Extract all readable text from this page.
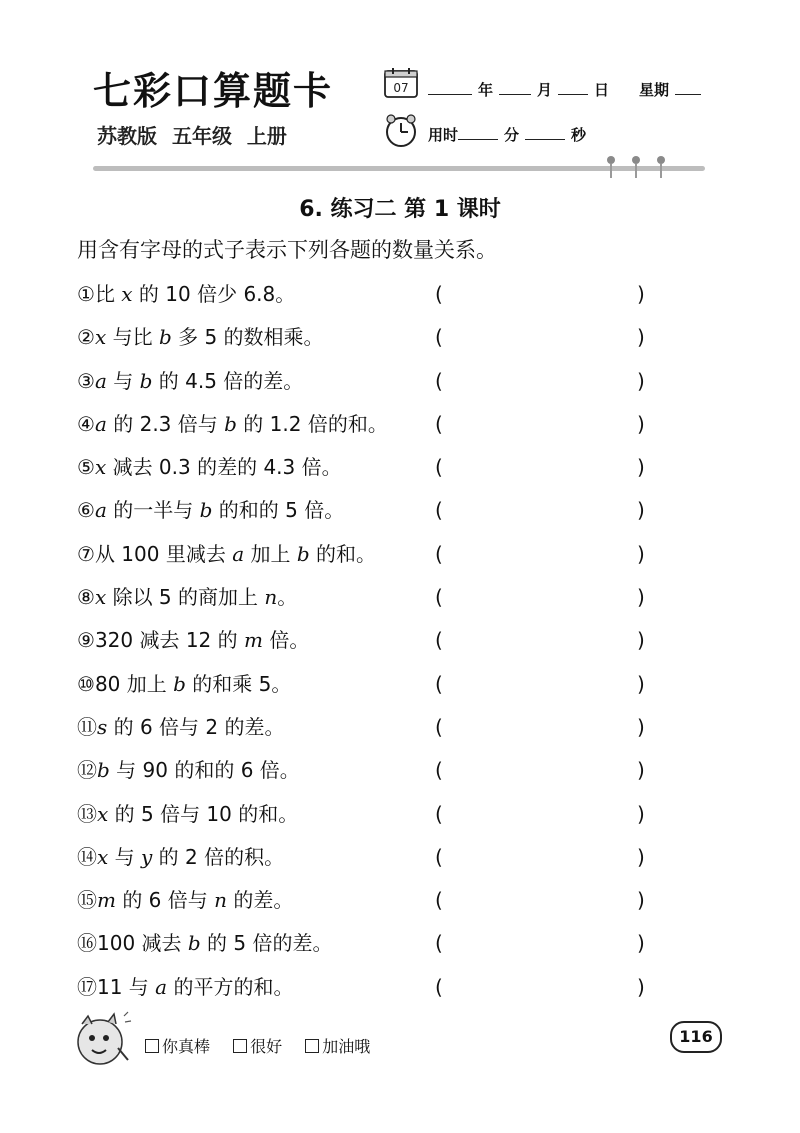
七彩口算题卡
苏教版 五年级 上册
07	年	月	日 星期
用时	分	秒
6. 练习二 第 1 课时
用含有字母的式子表示下列各题的数量关系。
①比 x 的 10 倍少 6.8。	(	)
②x 与比 b 多 5 的数相乘。	(	)
③a 与 b 的 4.5 倍的差。	(	)
④a 的 2.3 倍与 b 的 1.2 倍的和。 (	)
⑤x 减去 0.3 的差的 4.3 倍。	(	)
⑥a 的一半与 b 的和的 5 倍。	(	)
⑦从 100 里减去 a 加上 b 的和。	(	)
⑧x 除以 5 的商加上 n。	(	)
⑨320 减去 12 的 m 倍。	(	)
⑩80 加上 b 的和乘 5。	(	)
⑪s 的 6 倍与 2 的差。	(	)
⑫b 与 90 的和的 6 倍。	(	)
⑬x 的 5 倍与 10 的和。	(	)
⑭x 与 y 的 2 倍的积。	(	)
⑮m 的 6 倍与 n 的差。	(	)
⑯100 减去 b 的 5 倍的差。	(	)
⑰11 与 a 的平方的和。	(	)
你真棒	很好	加油哦
116
